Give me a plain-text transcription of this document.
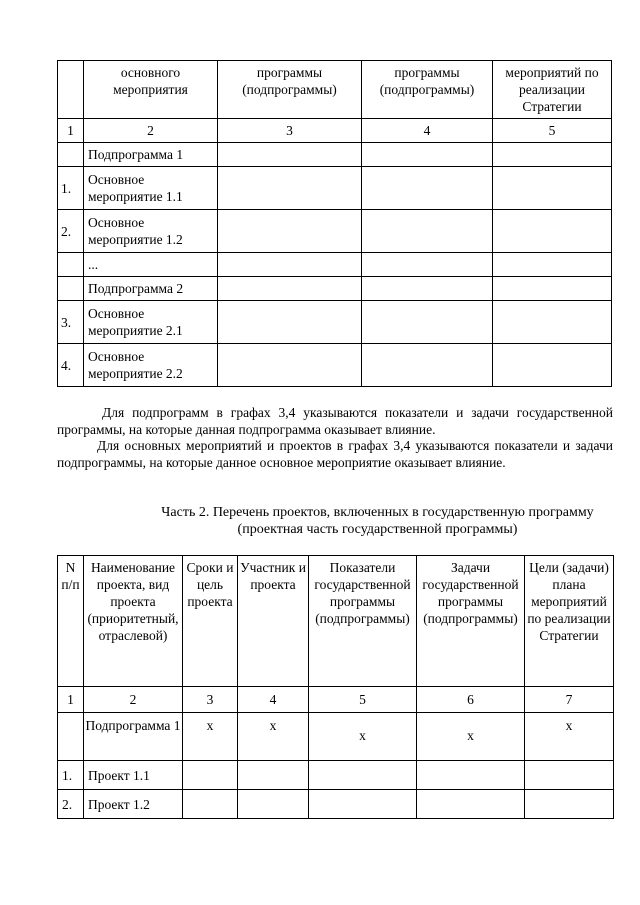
	основного мероприятия	программы (подпрограммы)	программы (подпрограммы)	мероприятий по реализации Стратегии
1	2	3	4	5
	Подпрограмма 1			
1.	Основное мероприятие 1.1			
2.	Основное мероприятие 1.2			
	...			
	Подпрограмма 2			
3.	Основное мероприятие 2.1			
4.	Основное мероприятие 2.2			

Для подпрограмм в графах 3,4 указываются показатели и задачи государственной программы, на которые данная подпрограмма оказывает влияние.

Для основных мероприятий и проектов в графах 3,4 указываются показатели и задачи подпрограммы, на которые данное основное мероприятие оказывает влияние.

Часть 2. Перечень проектов, включенных в государственную программу

(проектная часть государственной программы)

N п/п	Наименование проекта, вид проекта (приоритетный, отраслевой)	Сроки и цель проекта	Участник и проекта	Показатели государственной программы (подпрограммы)	Задачи государственной программы (подпрограммы)	Цели (задачи) плана мероприятий по реализации Стратегии
1	2	3	4	5	6	7
	Подпрограмма 1	x	x	x	x	x
1.	Проект 1.1					
2.	Проект 1.2					
